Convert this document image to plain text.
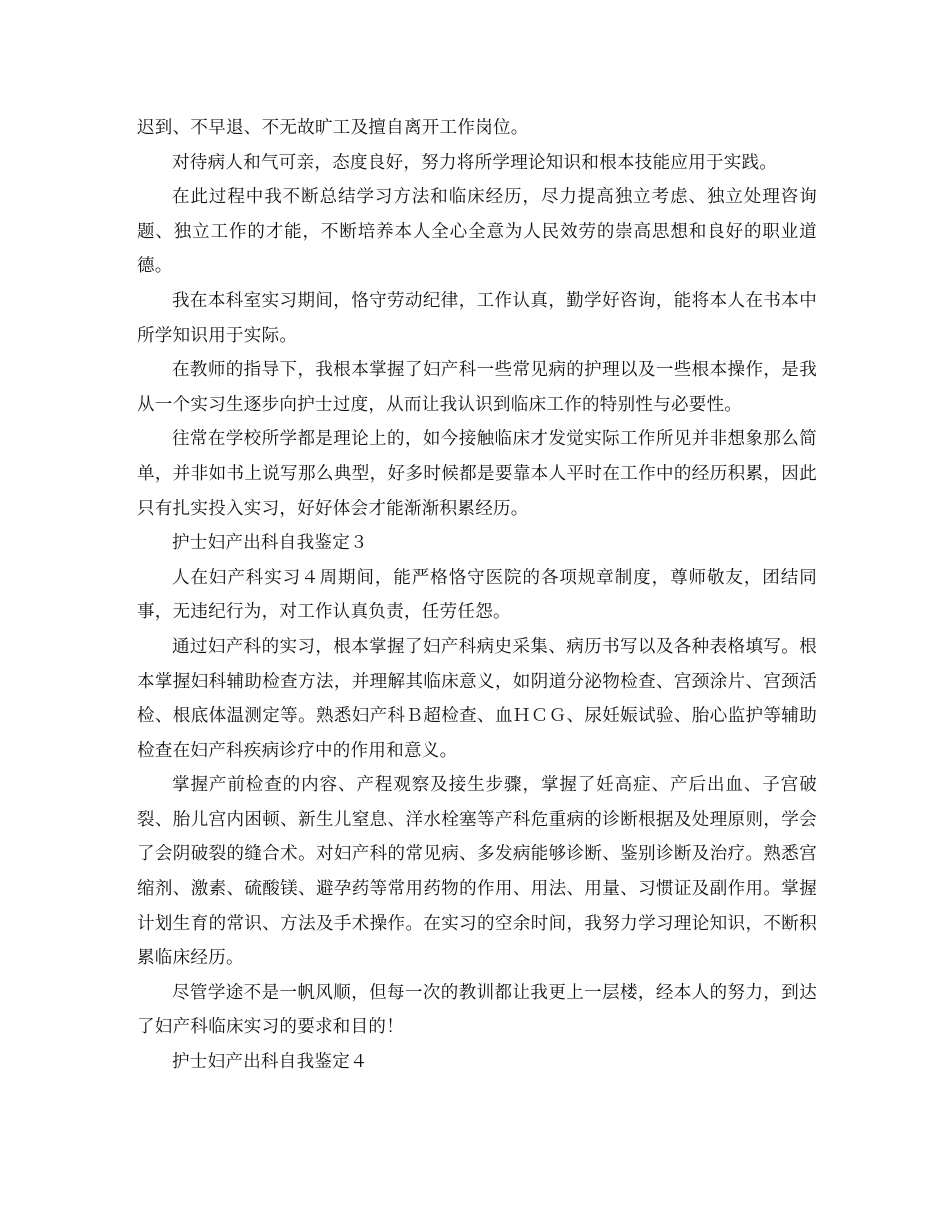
迟到、不早退、不无故旷工及擅自离开工作岗位。

对待病人和气可亲，态度良好，努力将所学理论知识和根本技能应用于实践。

在此过程中我不断总结学习方法和临床经历，尽力提高独立考虑、独立处理咨询题、独立工作的才能，不断培养本人全心全意为人民效劳的崇高思想和良好的职业道德。

我在本科室实习期间，恪守劳动纪律，工作认真，勤学好咨询，能将本人在书本中所学知识用于实际。

在教师的指导下，我根本掌握了妇产科一些常见病的护理以及一些根本操作，是我从一个实习生逐步向护士过度，从而让我认识到临床工作的特别性与必要性。

往常在学校所学都是理论上的，如今接触临床才发觉实际工作所见并非想象那么简单，并非如书上说写那么典型，好多时候都是要靠本人平时在工作中的经历积累，因此只有扎实投入实习，好好体会才能渐渐积累经历。

护士妇产出科自我鉴定３

人在妇产科实习４周期间，能严格恪守医院的各项规章制度，尊师敬友，团结同事，无违纪行为，对工作认真负责，任劳任怨。

通过妇产科的实习，根本掌握了妇产科病史采集、病历书写以及各种表格填写。根本掌握妇科辅助检查方法，并理解其临床意义，如阴道分泌物检查、宫颈涂片、宫颈活检、根底体温测定等。熟悉妇产科Ｂ超检查、血ＨＣＧ、尿妊娠试验、胎心监护等辅助检查在妇产科疾病诊疗中的作用和意义。

掌握产前检查的内容、产程观察及接生步骤，掌握了妊高症、产后出血、子宫破裂、胎儿宫内困顿、新生儿窒息、洋水栓塞等产科危重病的诊断根据及处理原则，学会了会阴破裂的缝合术。对妇产科的常见病、多发病能够诊断、鉴别诊断及治疗。熟悉宫缩剂、激素、硫酸镁、避孕药等常用药物的作用、用法、用量、习惯证及副作用。掌握计划生育的常识、方法及手术操作。在实习的空余时间，我努力学习理论知识，不断积累临床经历。

尽管学途不是一帆风顺，但每一次的教训都让我更上一层楼，经本人的努力，到达了妇产科临床实习的要求和目的！

护士妇产出科自我鉴定４
